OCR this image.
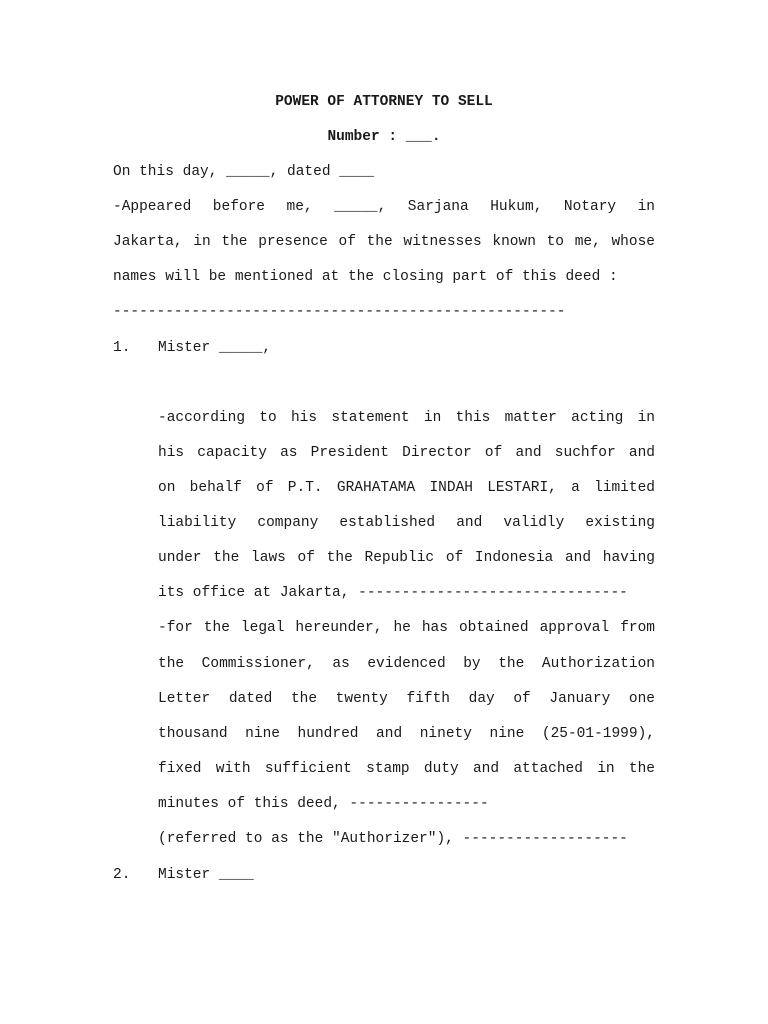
POWER OF ATTORNEY TO SELL
Number : ___.
On this day, _____, dated ____
-Appeared before me, _____, Sarjana Hukum, Notary in
Jakarta, in the presence of the witnesses known to me, whose
names will be mentioned at the closing part of this deed :
----------------------------------------------------
1. Mister _____,
-according to his statement in this matter acting in
his capacity as President Director of and suchfor and
on behalf of P.T. GRAHATAMA INDAH LESTARI, a limited
liability company established and validly existing
under the laws of the Republic of Indonesia and having
its office at Jakarta, -------------------------------
-for the legal hereunder, he has obtained approval from
the Commissioner, as evidenced by the Authorization
Letter dated the twenty fifth day of January one
thousand nine hundred and ninety nine (25-01-1999),
fixed with sufficient stamp duty and attached in the
minutes of this deed, ----------------
(referred to as the "Authorizer"), -------------------
2. Mister ____
